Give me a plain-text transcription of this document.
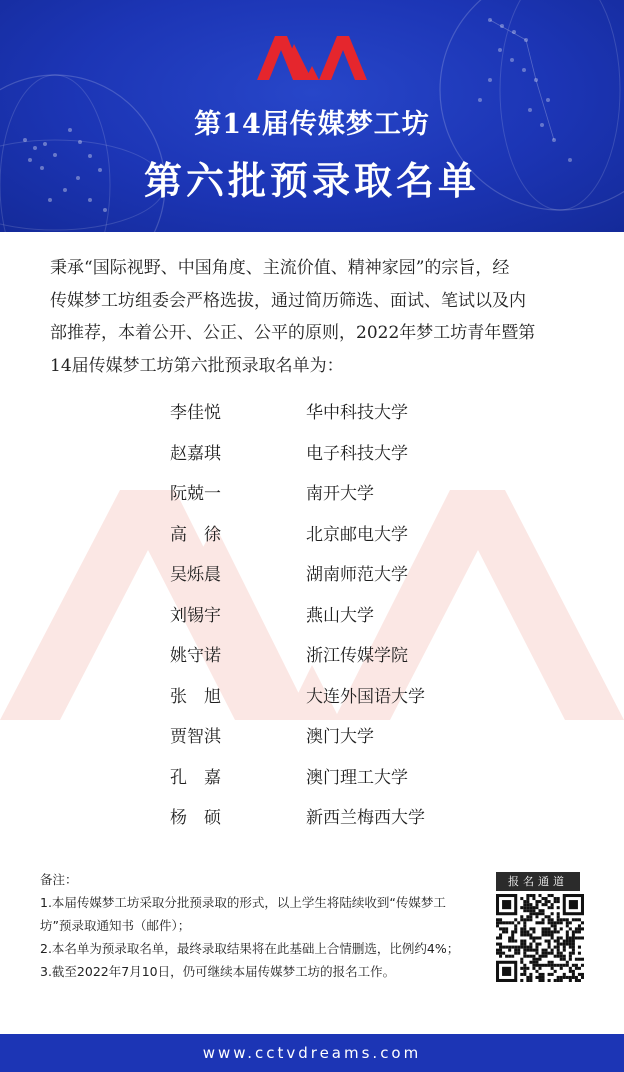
第14届传媒梦工坊
第六批预录取名单
秉承“国际视野、中国角度、主流价值、精神家园”的宗旨，经
传媒梦工坊组委会严格选拔，通过简历筛选、面试、笔试以及内
部推荐，本着公开、公正、公平的原则，2022年梦工坊青年暨第
14届传媒梦工坊第六批预录取名单为：
李佳悦	华中科技大学
赵嘉琪	电子科技大学
阮兢一	南开大学
高　徐	北京邮电大学
吴烁晨	湖南师范大学
刘锡宇	燕山大学
姚守诺	浙江传媒学院
张　旭	大连外国语大学
贾智淇	澳门大学
孔　嘉	澳门理工大学
杨　硕	新西兰梅西大学
备注：
1.本届传媒梦工坊采取分批预录取的形式，以上学生将陆续收到“传媒梦工
坊”预录取通知书（邮件）；
2.本名单为预录取名单，最终录取结果将在此基础上合情删选，比例约4%；
3.截至2022年7月10日，仍可继续本届传媒梦工坊的报名工作。
报名通道
www.cctvdreams.com
